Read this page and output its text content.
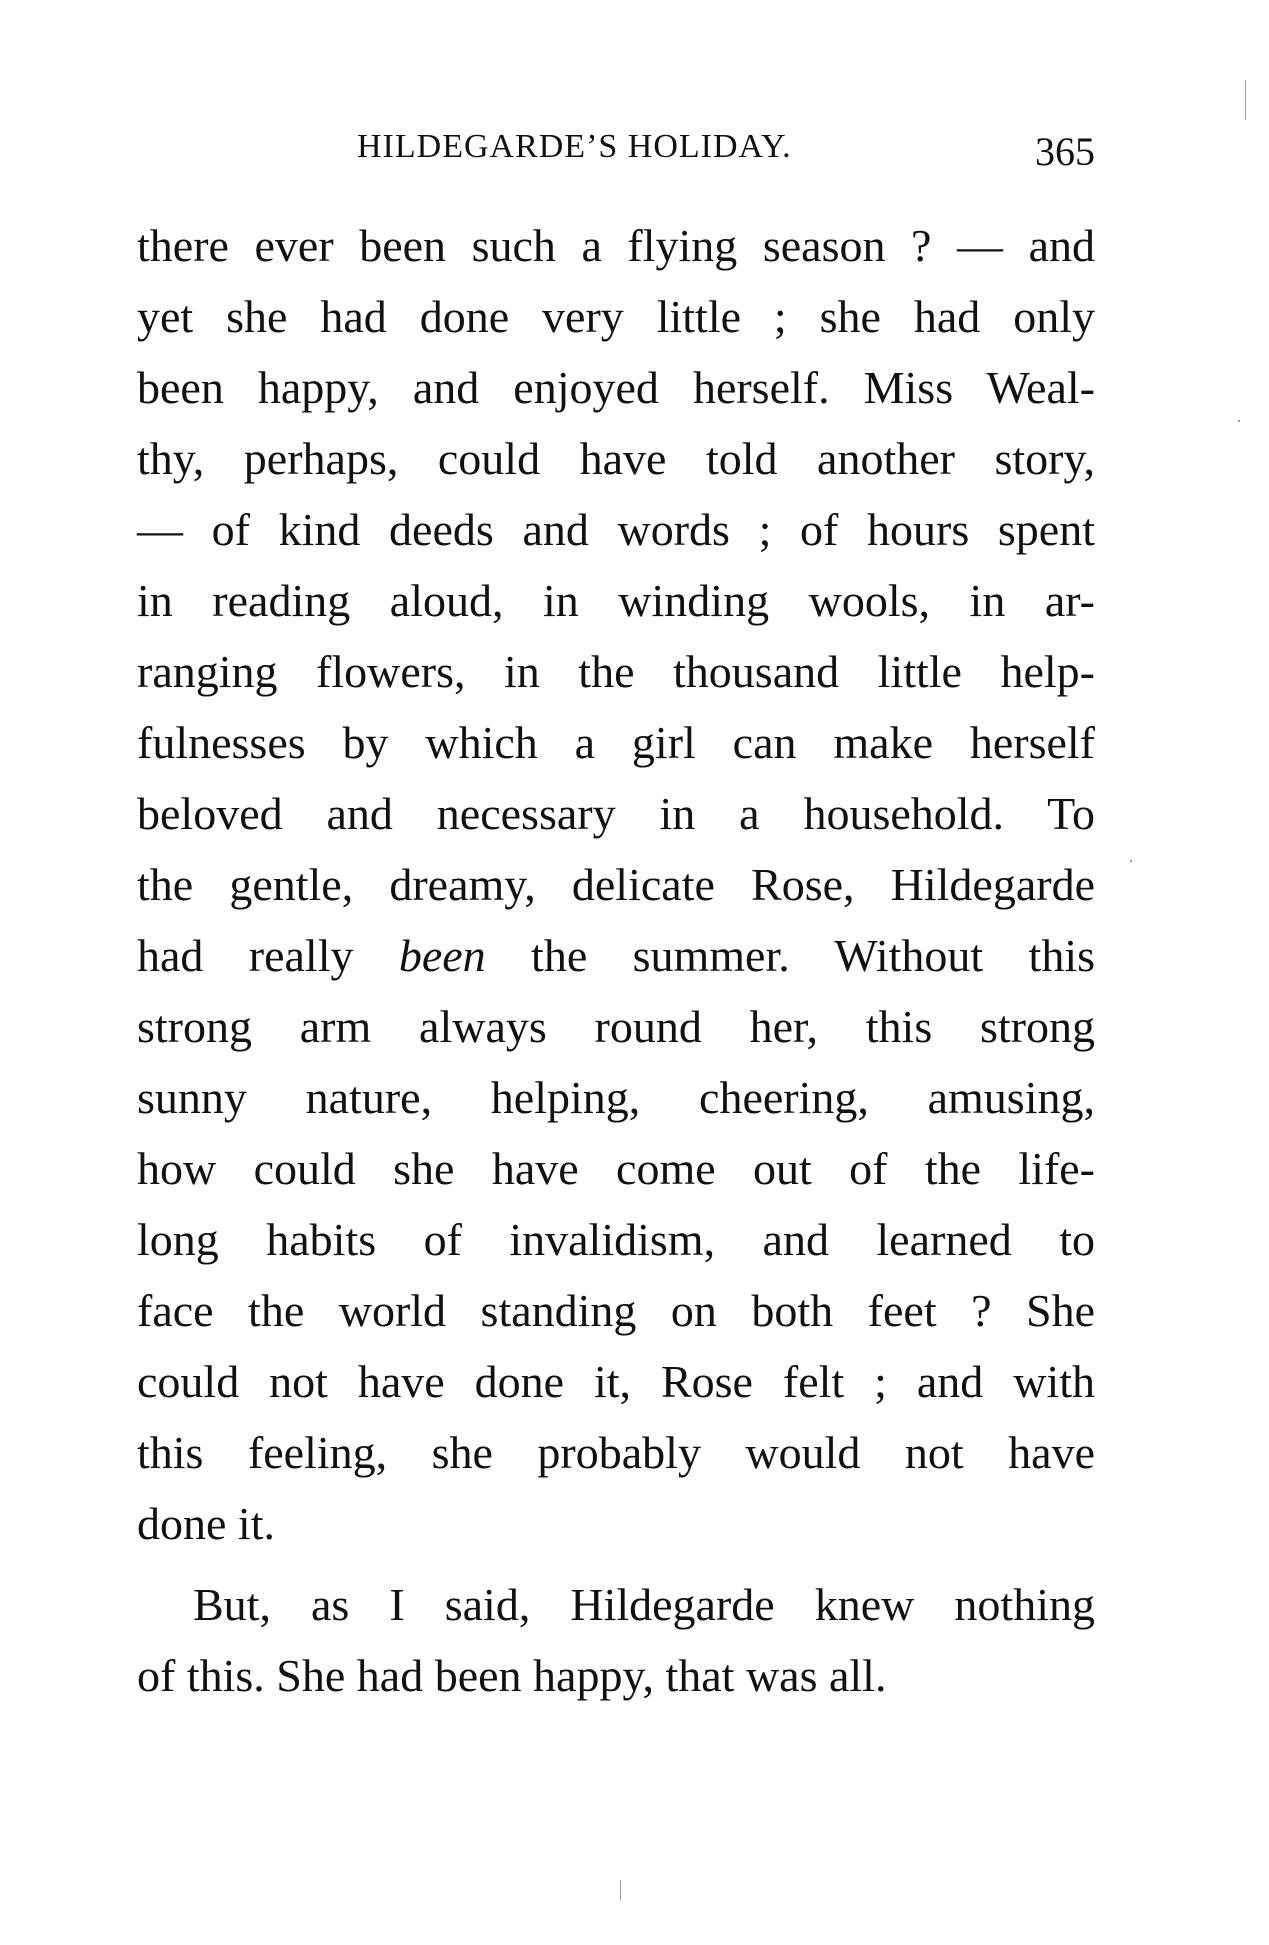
HILDEGARDE’S HOLIDAY.	365
there ever been such a flying season ? — and
yet she had done very little ; she had only
been happy, and enjoyed herself. Miss Weal-
thy, perhaps, could have told another story,
— of kind deeds and words ; of hours spent
in reading aloud, in winding wools, in ar-
ranging flowers, in the thousand little help-
fulnesses by which a girl can make herself
beloved and necessary in a household. To
the gentle, dreamy, delicate Rose, Hildegarde
had really been the summer. Without this
strong arm always round her, this strong
sunny nature, helping, cheering, amusing,
how could she have come out of the life-
long habits of invalidism, and learned to
face the world standing on both feet ? She
could not have done it, Rose felt ; and with
this feeling, she probably would not have
done it.
But, as I said, Hildegarde knew nothing
of this. She had been happy, that was all.
